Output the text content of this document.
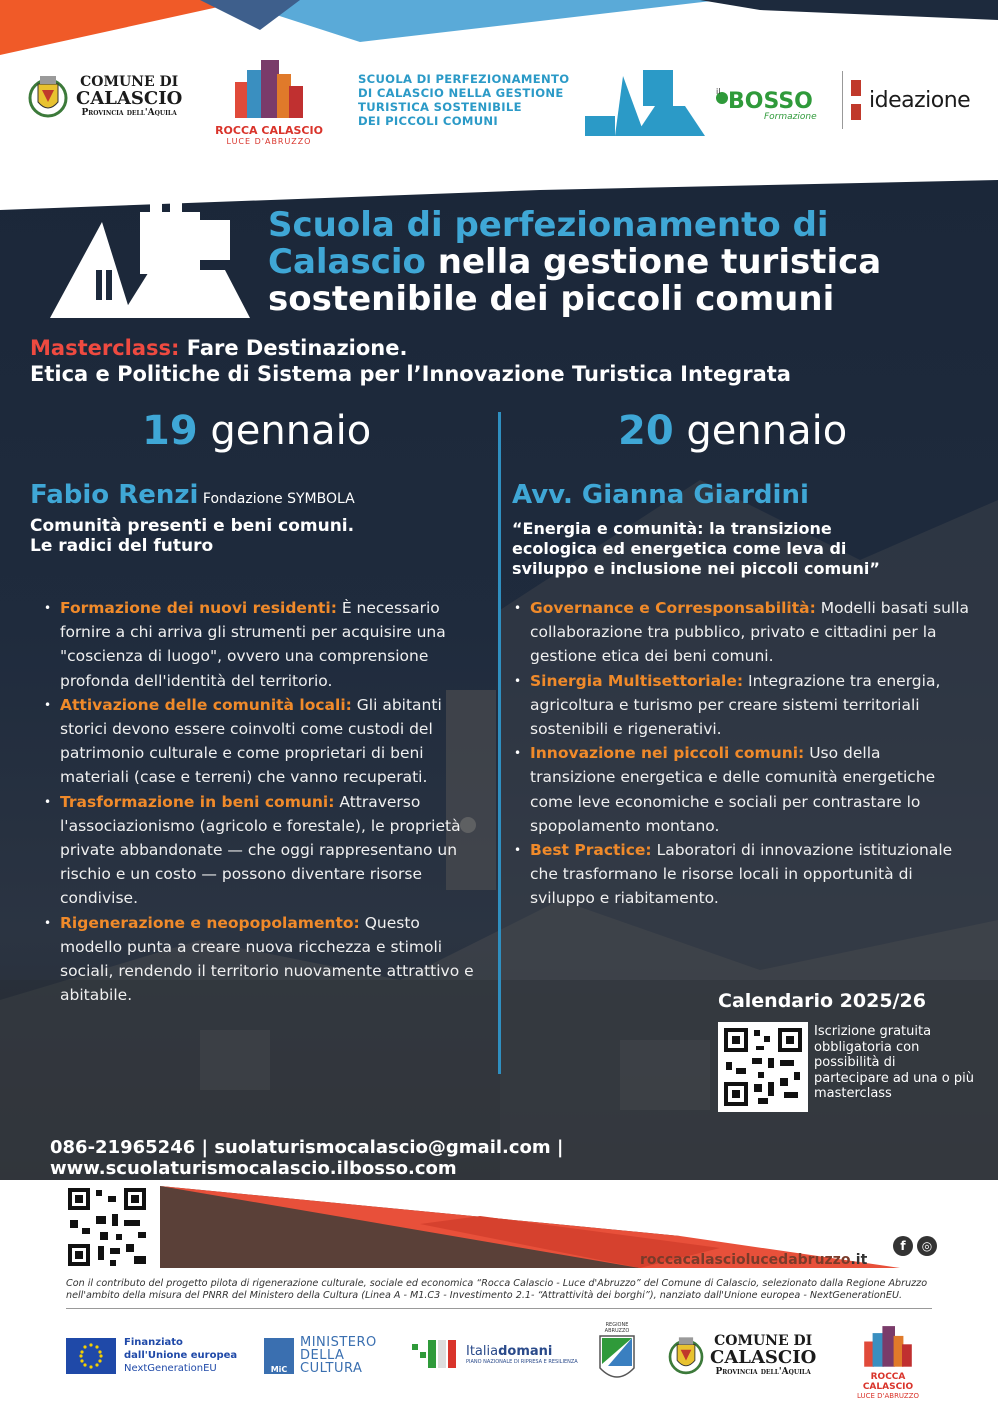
COMUNE DI
CALASCIO
Provincia dell'Aquila
ROCCA CALASCIO
LUCE D'ABRUZZO
SCUOLA DI PERFEZIONAMENTO
DI CALASCIO NELLA GESTIONE
TURISTICA SOSTENIBILE
DEI PICCOLI COMUNI
il BOSSO
Formazione
ideazione
Scuola di perfezionamento di Calascio nella gestione turistica sostenibile dei piccoli comuni
Masterclass: Fare Destinazione.
Etica e Politiche di Sistema per l’Innovazione Turistica Integrata
19 gennaio	20 gennaio
Fabio Renzi Fondazione SYMBOLA
Comunità presenti e beni comuni.
Le radici del futuro
• Formazione dei nuovi residenti: È necessario fornire a chi arriva gli strumenti per acquisire una "coscienza di luogo", ovvero una comprensione profonda dell'identità del territorio.
• Attivazione delle comunità locali: Gli abitanti storici devono essere coinvolti come custodi del patrimonio culturale e come proprietari di beni materiali (case e terreni) che vanno recuperati.
• Trasformazione in beni comuni: Attraverso l'associazionismo (agricolo e forestale), le proprietà private abbandonate — che oggi rappresentano un rischio e un costo — possono diventare risorse condivise.
• Rigenerazione e neopopolamento: Questo modello punta a creare nuova ricchezza e stimoli sociali, rendendo il territorio nuovamente attrattivo e abitabile.
Avv. Gianna Giardini
“Energia e comunità: la transizione
ecologica ed energetica come leva di
sviluppo e inclusione nei piccoli comuni”
• Governance e Corresponsabilità: Modelli basati sulla collaborazione tra pubblico, privato e cittadini per la gestione etica dei beni comuni.
• Sinergia Multisettoriale: Integrazione tra energia, agricoltura e turismo per creare sistemi territoriali sostenibili e rigenerativi.
• Innovazione nei piccoli comuni: Uso della transizione energetica e delle comunità energetiche come leve economiche e sociali per contrastare lo spopolamento montano.
• Best Practice: Laboratori di innovazione istituzionale che trasformano le risorse locali in opportunità di sviluppo e riabitamento.
Calendario 2025/26
Iscrizione gratuita obbligatoria con possibilità di partecipare ad una o più masterclass
086-21965246 | suolaturismocalascio@gmail.com | www.scuolaturismocalascio.ilbosso.com
roccacalasciolucedabruzzo.it
f	◎
Con il contributo del progetto pilota di rigenerazione culturale, sociale ed economica “Rocca Calascio - Luce d'Abruzzo” del Comune di Calascio, selezionato dalla Regione Abruzzo
nell'ambito della misura del PNRR del Ministero della Cultura (Linea A - M1.C3 - Investimento 2.1- “Attrattività dei borghi”), nanziato dall'Unione europea - NextGenerationEU.
Finanziato
dall'Unione europea
NextGenerationEU	MiC
MINISTERO
DELLA
CULTURA
Italiadomani
PIANO NAZIONALE DI RIPRESA E RESILIENZA
REGIONE ABRUZZO
COMUNE DI
CALASCIO
Provincia dell'Aquila	ROCCA CALASCIO
LUCE D'ABRUZZO
